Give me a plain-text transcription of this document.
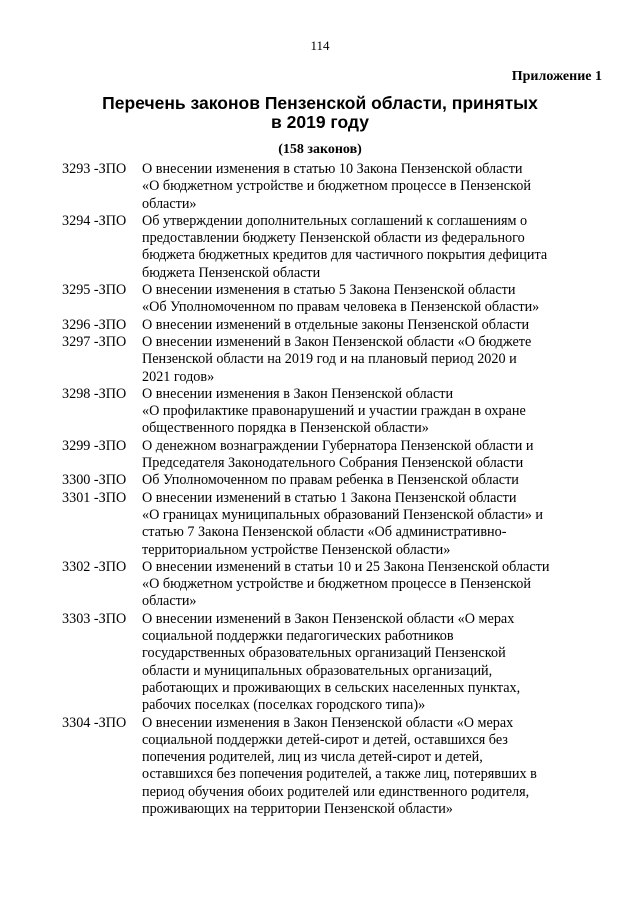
114
Приложение 1
Перечень законов Пензенской области, принятых
в 2019 году
(158 законов)
3293 -ЗПО	О внесении изменения в статью 10 Закона Пензенской области
«О бюджетном устройстве и бюджетном процессе в Пензенской
области»
3294 -ЗПО	Об утверждении дополнительных соглашений к соглашениям о
предоставлении бюджету Пензенской области из федерального
бюджета бюджетных кредитов для частичного покрытия дефицита
бюджета Пензенской области
3295 -ЗПО	О внесении изменения в статью 5 Закона Пензенской области
«Об Уполномоченном по правам человека в Пензенской области»
3296 -ЗПО	О внесении изменений в отдельные законы Пензенской области
3297 -ЗПО	О внесении изменений в Закон Пензенской области «О бюджете
Пензенской области на 2019 год и на плановый период 2020 и
2021 годов»
3298 -ЗПО	О внесении изменения в Закон Пензенской области
«О профилактике правонарушений и участии граждан в охране
общественного порядка в Пензенской области»
3299 -ЗПО	О денежном вознаграждении Губернатора Пензенской области и
Председателя Законодательного Собрания Пензенской области
3300 -ЗПО	Об Уполномоченном по правам ребенка в Пензенской области
3301 -ЗПО	О внесении изменений в статью 1 Закона Пензенской области
«О границах муниципальных образований Пензенской области» и
статью 7 Закона Пензенской области «Об административно-
территориальном устройстве Пензенской области»
3302 -ЗПО	О внесении изменений в статьи 10 и 25 Закона Пензенской области
«О бюджетном устройстве и бюджетном процессе в Пензенской
области»
3303 -ЗПО	О внесении изменений в Закон Пензенской области «О мерах
социальной поддержки педагогических работников
государственных образовательных организаций Пензенской
области и муниципальных образовательных организаций,
работающих и проживающих в сельских населенных пунктах,
рабочих поселках (поселках городского типа)»
3304 -ЗПО	О внесении изменения в Закон Пензенской области «О мерах
социальной поддержки детей-сирот и детей, оставшихся без
попечения родителей, лиц из числа детей-сирот и детей,
оставшихся без попечения родителей, а также лиц, потерявших в
период обучения обоих родителей или единственного родителя,
проживающих на территории Пензенской области»
